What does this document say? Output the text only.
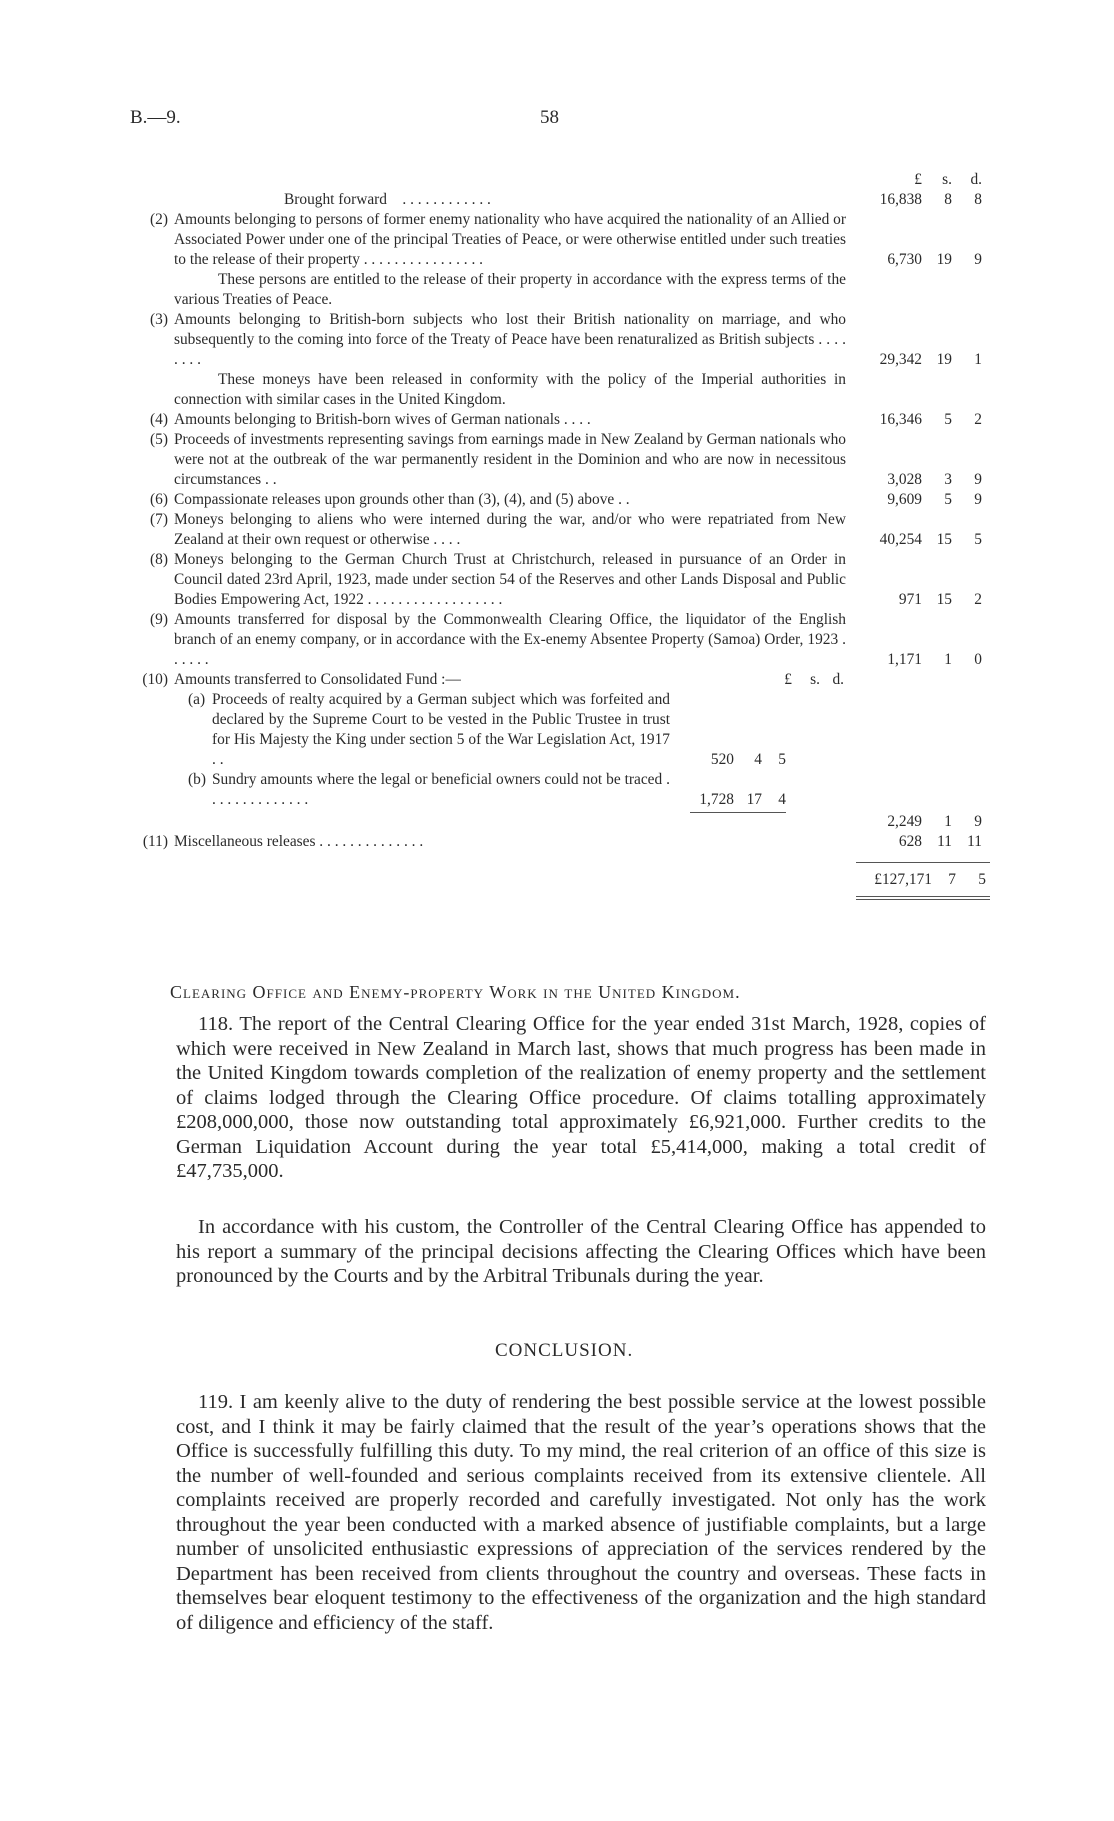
B.—9.	58
£ s. d.
Brought forward . . . . . . . . . . . .	16,838 8 8
(2) Amounts belonging to persons of former enemy nationality who have acquired the nationality of an Allied or Associated Power under one of the principal Treaties of Peace, or were otherwise entitled under such treaties to the release of their property . . . . . . . . . . . . . . . .	6,730 19 9
These persons are entitled to the release of their property in accordance with the express terms of the various Treaties of Peace.
(3) Amounts belonging to British-born subjects who lost their British nationality on marriage, and who subsequently to the coming into force of the Treaty of Peace have been renaturalized as British subjects . . . . . . . .	29,342 19 1
These moneys have been released in conformity with the policy of the Imperial authorities in connection with similar cases in the United Kingdom.
(4) Amounts belonging to British-born wives of German nationals . . . .	16,346 5 2
(5) Proceeds of investments representing savings from earnings made in New Zealand by German nationals who were not at the outbreak of the war permanently resident in the Dominion and who are now in necessitous circumstances . .	3,028 3 9
(6) Compassionate releases upon grounds other than (3), (4), and (5) above . .	9,609 5 9
(7) Moneys belonging to aliens who were interned during the war, and/or who were repatriated from New Zealand at their own request or otherwise . . . .	40,254 15 5
(8) Moneys belonging to the German Church Trust at Christchurch, released in pursuance of an Order in Council dated 23rd April, 1923, made under section 54 of the Reserves and other Lands Disposal and Public Bodies Empowering Act, 1922 . . . . . . . . . . . . . . . . . .	971 15 2
(9) Amounts transferred for disposal by the Commonwealth Clearing Office, the liquidator of the English branch of an enemy company, or in accordance with the Ex-enemy Absentee Property (Samoa) Order, 1923 . . . . . .	1,171 1 0
(10) Amounts transferred to Consolidated Fund :—	£ s. d.
(a) Proceeds of realty acquired by a German subject which was forfeited and declared by the Supreme Court to be vested in the Public Trustee in trust for His Majesty the King under section 5 of the War Legislation Act, 1917 . .	520 4 5
(b) Sundry amounts where the legal or beneficial owners could not be traced . . . . . . . . . . . . . .	1,728 17 4
2,249 1 9
(11) Miscellaneous releases . . . . . . . . . . . . . .	628 11 11
£127,171 7 5
Clearing Office and Enemy-property Work in the United Kingdom.
118. The report of the Central Clearing Office for the year ended 31st March, 1928, copies of which were received in New Zealand in March last, shows that much progress has been made in the United Kingdom towards completion of the realization of enemy property and the settlement of claims lodged through the Clearing Office procedure. Of claims totalling approximately £208,000,000, those now outstanding total approximately £6,921,000. Further credits to the German Liquidation Account during the year total £5,414,000, making a total credit of £47,735,000.
In accordance with his custom, the Controller of the Central Clearing Office has appended to his report a summary of the principal decisions affecting the Clearing Offices which have been pronounced by the Courts and by the Arbitral Tribunals during the year.
CONCLUSION.
119. I am keenly alive to the duty of rendering the best possible service at the lowest possible cost, and I think it may be fairly claimed that the result of the year’s operations shows that the Office is successfully fulfilling this duty. To my mind, the real criterion of an office of this size is the number of well-founded and serious complaints received from its extensive clientele. All complaints received are properly recorded and carefully investigated. Not only has the work throughout the year been conducted with a marked absence of justifiable complaints, but a large number of unsolicited enthusiastic expressions of appreciation of the services rendered by the Department has been received from clients throughout the country and overseas. These facts in themselves bear eloquent testimony to the effectiveness of the organization and the high standard of diligence and efficiency of the staff.
